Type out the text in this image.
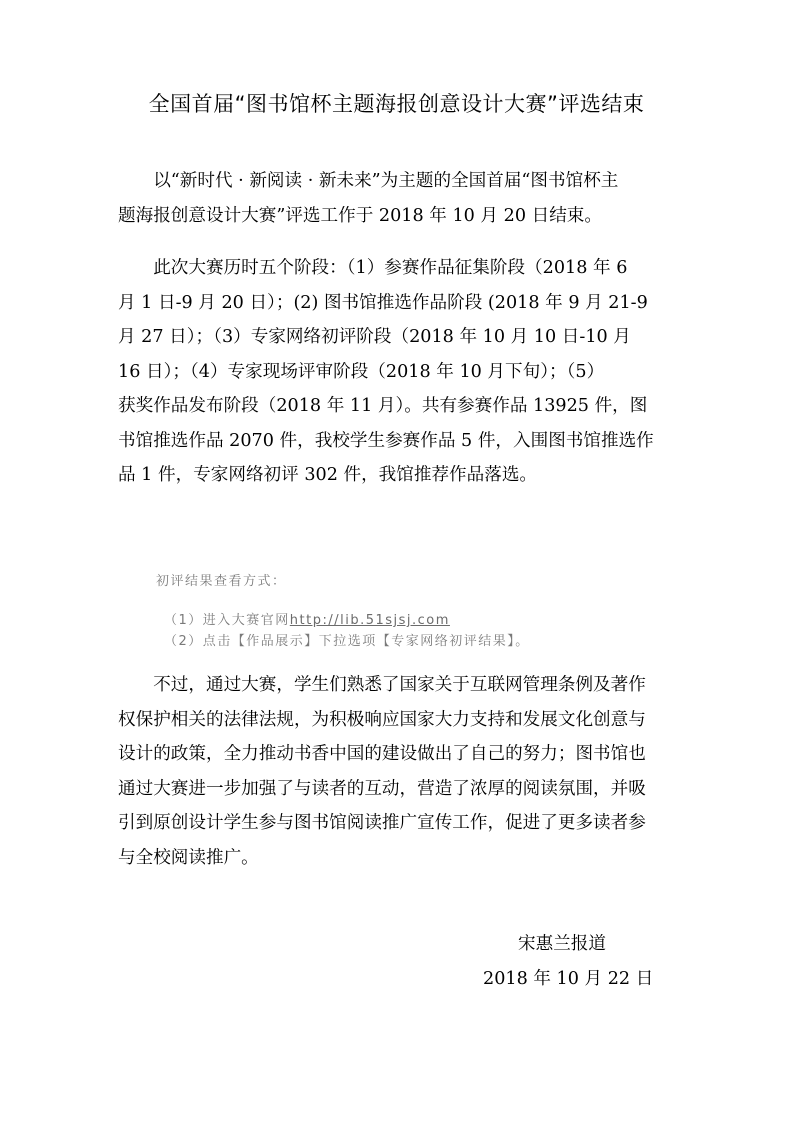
全国首届“图书馆杯主题海报创意设计大赛”评选结束
　　以“新时代 · 新阅读 · 新未来”为主题的全国首届“图书馆杯主
题海报创意设计大赛”评选工作于 2018 年 10 月 20 日结束。
　　此次大赛历时五个阶段：（1）参赛作品征集阶段（2018 年 6
月 1 日-9 月 20 日）；(2) 图书馆推选作品阶段 (2018 年 9 月 21-9
月 27 日）；（3）专家网络初评阶段（2018 年 10 月 10 日-10 月
16 日）；（4）专家现场评审阶段（2018 年 10 月下旬）；（5）
获奖作品发布阶段（2018 年 11 月）。共有参赛作品 13925 件，图
书馆推选作品 2070 件，我校学生参赛作品 5 件，入围图书馆推选作
品 1 件，专家网络初评 302 件，我馆推荐作品落选。
初评结果查看方式：
（1）进入大赛官网http://lib.51sjsj.com
（2）点击【作品展示】下拉选项【专家网络初评结果】。
　　不过，通过大赛，学生们熟悉了国家关于互联网管理条例及著作
权保护相关的法律法规，为积极响应国家大力支持和发展文化创意与
设计的政策，全力推动书香中国的建设做出了自己的努力；图书馆也
通过大赛进一步加强了与读者的互动，营造了浓厚的阅读氛围，并吸
引到原创设计学生参与图书馆阅读推广宣传工作，促进了更多读者参
与全校阅读推广。
宋惠兰报道
2018 年 10 月 22 日
